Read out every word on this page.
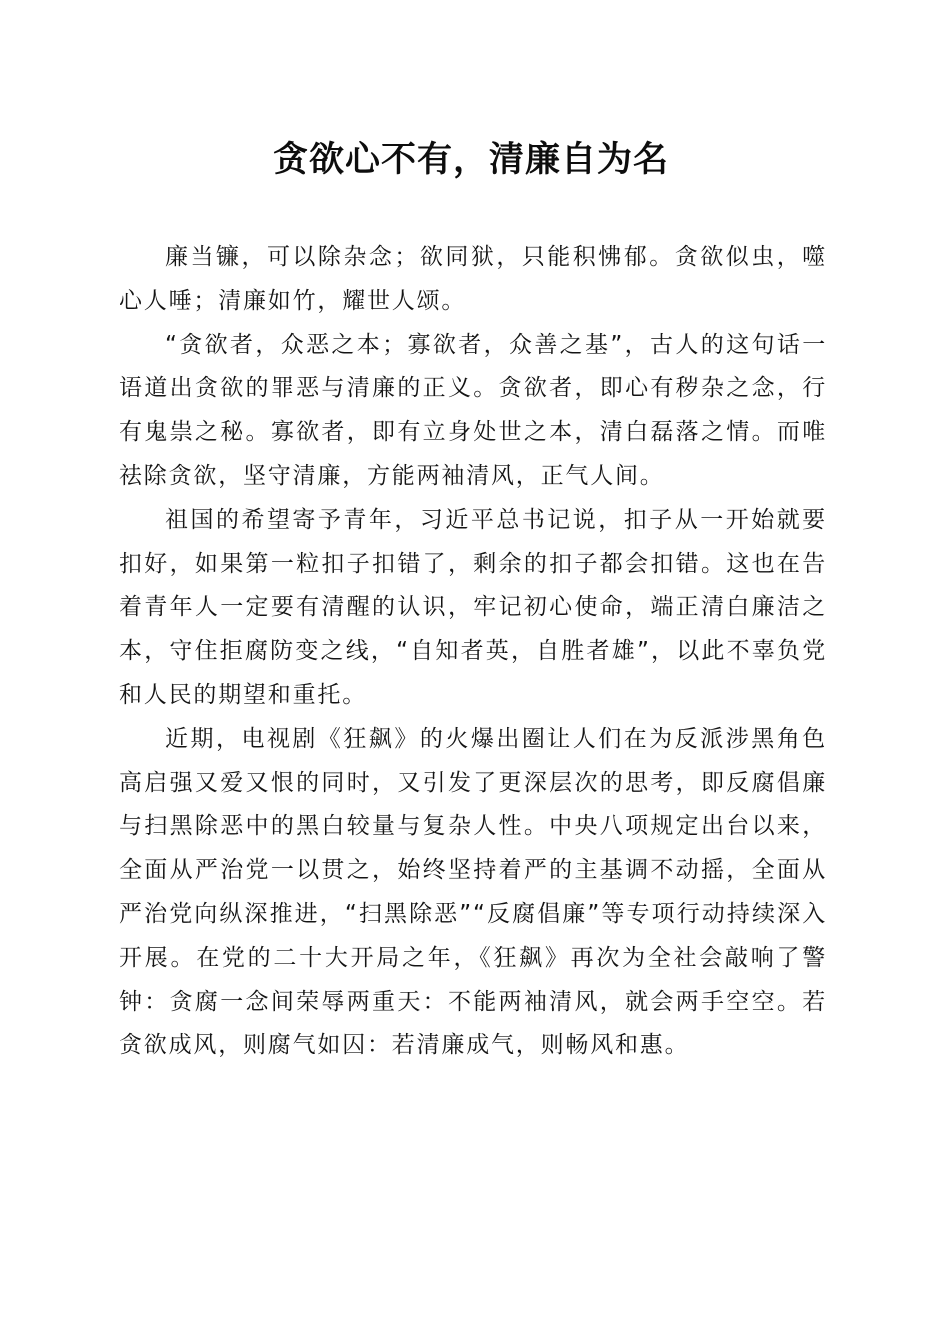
贪欲心不有，清廉自为名

廉当镰，可以除杂念；欲同狱，只能积怫郁。贪欲似虫，噬心人唾；清廉如竹，耀世人颂。

“贪欲者，众恶之本；寡欲者，众善之基”，古人的这句话一语道出贪欲的罪恶与清廉的正义。贪欲者，即心有秽杂之念，行有鬼祟之秘。寡欲者，即有立身处世之本，清白磊落之情。而唯祛除贪欲，坚守清廉，方能两袖清风，正气人间。

祖国的希望寄予青年，习近平总书记说，扣子从一开始就要扣好，如果第一粒扣子扣错了，剩余的扣子都会扣错。这也在告着青年人一定要有清醒的认识，牢记初心使命，端正清白廉洁之本，守住拒腐防变之线，“自知者英，自胜者雄”，以此不辜负党和人民的期望和重托。

近期，电视剧《狂飙》的火爆出圈让人们在为反派涉黑角色高启强又爱又恨的同时，又引发了更深层次的思考，即反腐倡廉与扫黑除恶中的黑白较量与复杂人性。中央八项规定出台以来，全面从严治党一以贯之，始终坚持着严的主基调不动摇，全面从严治党向纵深推进，“扫黑除恶”“反腐倡廉”等专项行动持续深入开展。在党的二十大开局之年，《狂飙》再次为全社会敲响了警钟：贪腐一念间荣辱两重天：不能两袖清风，就会两手空空。若贪欲成风，则腐气如囚：若清廉成气，则畅风和惠。
